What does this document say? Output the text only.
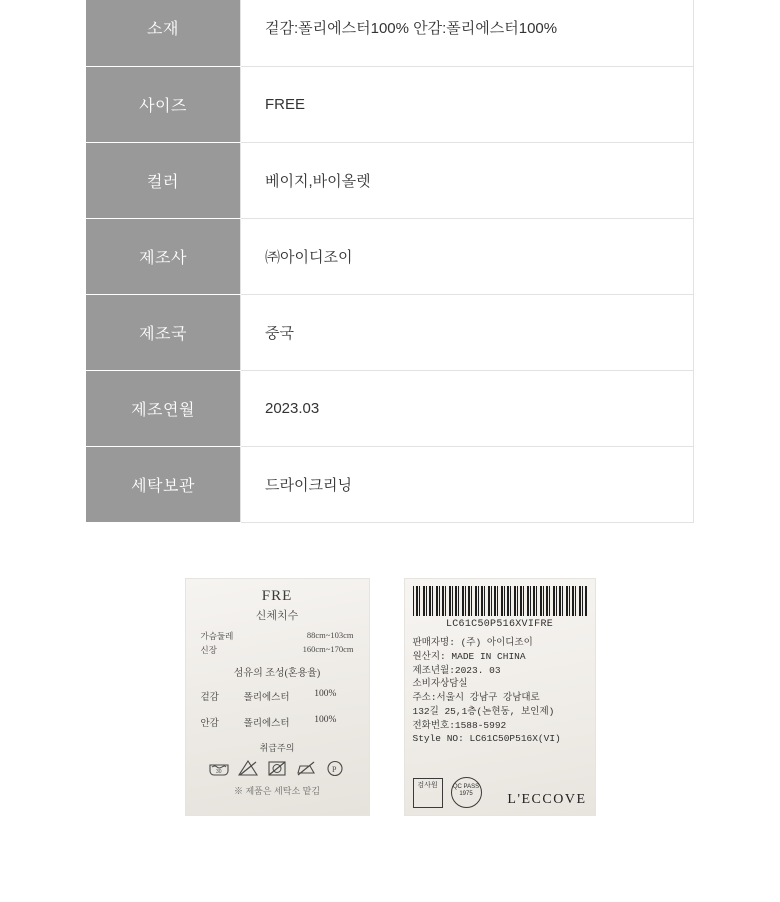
소재	겉감:폴리에스터100% 안감:폴리에스터100%
사이즈	FREE
컬러	베이지,바이올렛
제조사	㈜아이디조이
제조국	중국
제조연월	2023.03
세탁보관	드라이크리닝
FRE
신체치수
가슴둘레	88cm~103cm
신장	160cm~170cm
섬유의 조성(혼용율)
겉감	폴리에스터	100%
안감	폴리에스터	100%
취급주의
30	P
※ 제품은 세탁소 맡김
LC61C50P516XVIFRE
판매자명: (주) 아이디조이
원산지: MADE IN CHINA
제조년월:2023. 03
소비자상담실
주소:서울시 강남구 강남대로
132길 25,1층(논현동, 보인제)
전화번호:1588-5992
Style NO: LC61C50P516X(VI)
검사원	QC PASS 1975	L'ECCOVE
